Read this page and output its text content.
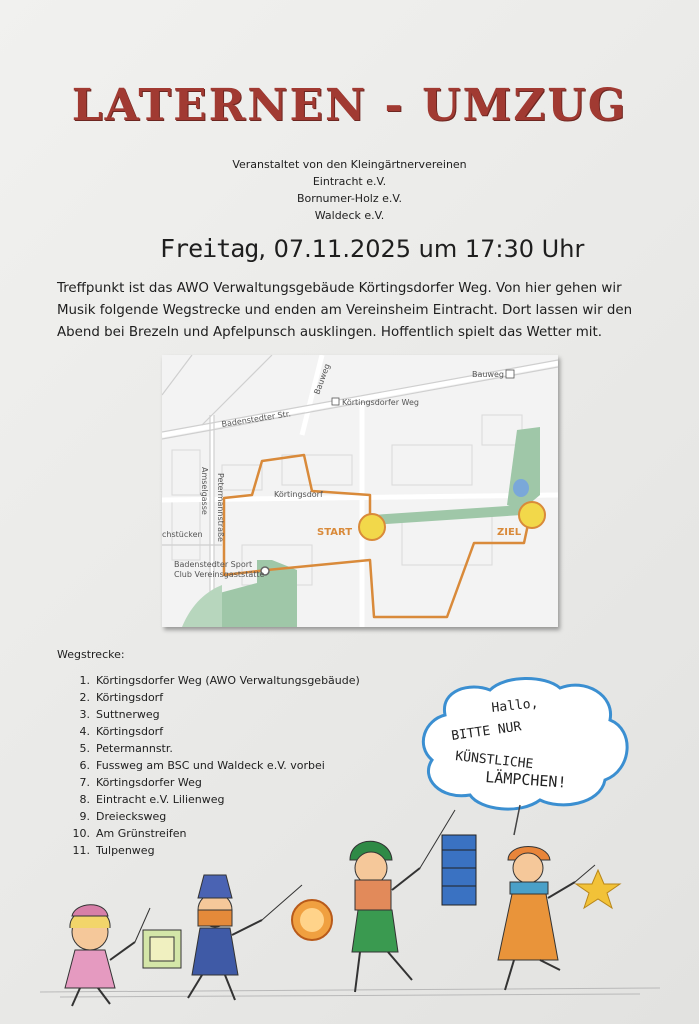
LATERNEN - UMZUG
Veranstaltet von den Kleingärtnervereinen
Eintracht e.V.
Bornumer-Holz e.V.
Waldeck e.V.
Freitag, 07.11.2025 um 17:30 Uhr
Treffpunkt ist das AWO Verwaltungsgebäude Körtingsdorfer Weg. Von hier gehen wir Musik folgende Wegstrecke und enden am Vereinsheim Eintracht. Dort lassen wir den Abend bei Brezeln und Apfelpunsch ausklingen. Hoffentlich spielt das Wetter mit.
Bauweg
Körtingsdorfer Weg
Badenstedter Str.
Bauweg
Amselgasse Petermannstraße	Körtingsdorf
chstücken	START	ZIEL
Badenstedter Sport
Club Vereinsgaststätte
Wegstrecke:
1. Körtingsdorfer Weg (AWO Verwaltungsgebäude)
2. Körtingsdorf
3. Suttnerweg
4. Körtingsdorf
5. Petermannstr.
6. Fussweg am BSC und Waldeck e.V. vorbei
7. Körtingsdorfer Weg
8. Eintracht e.V. Lilienweg
9. Dreiecksweg
10. Am Grünstreifen
11. Tulpenweg
Hallo,
BITTE NUR
KÜNSTLICHE
LÄMPCHEN!
